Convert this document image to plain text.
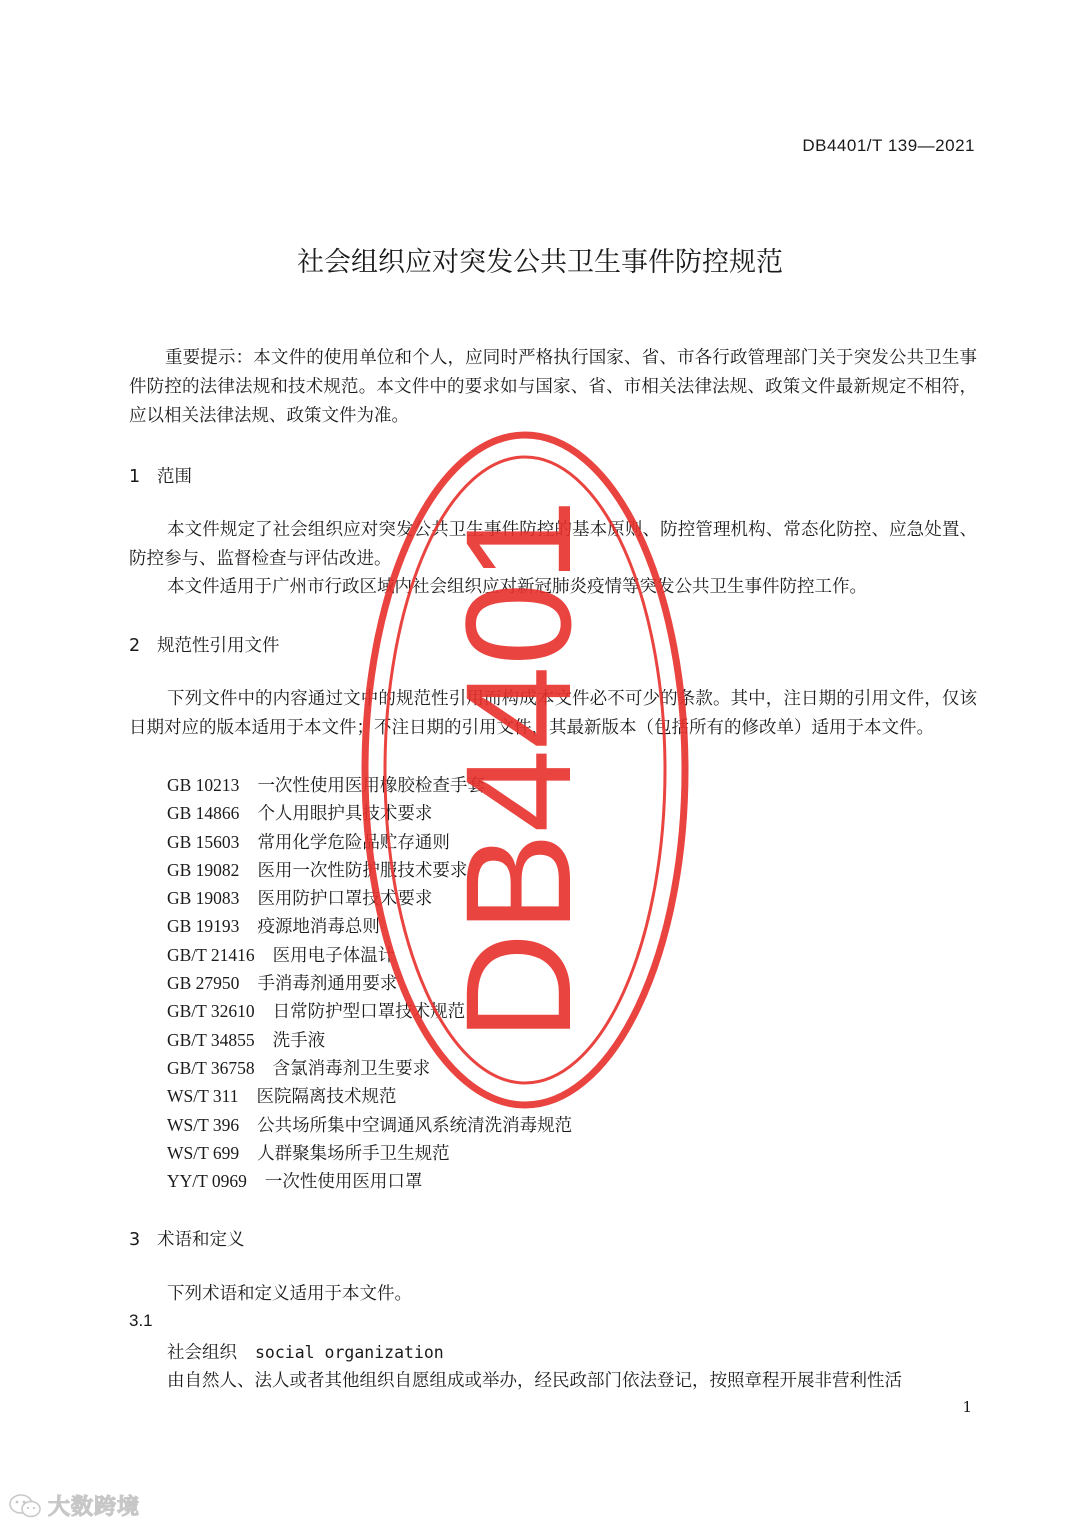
DB4401/T 139—2021
社会组织应对突发公共卫生事件防控规范

重要提示：本文件的使用单位和个人，应同时严格执行国家、省、市各行政管理部门关于突发公共卫生事件防控的法律法规和技术规范。本文件中的要求如与国家、省、市相关法律法规、政策文件最新规定不相符，应以相关法律法规、政策文件为准。

1 范围

本文件规定了社会组织应对突发公共卫生事件防控的基本原则、防控管理机构、常态化防控、应急处置、防控参与、监督检查与评估改进。

本文件适用于广州市行政区域内社会组织应对新冠肺炎疫情等突发公共卫生事件防控工作。

2 规范性引用文件

下列文件中的内容通过文中的规范性引用而构成本文件必不可少的条款。其中，注日期的引用文件，仅该日期对应的版本适用于本文件；不注日期的引用文件，其最新版本（包括所有的修改单）适用于本文件。

GB 10213 一次性使用医用橡胶检查手套
GB 14866 个人用眼护具技术要求
GB 15603 常用化学危险品贮存通则
GB 19082 医用一次性防护服技术要求
GB 19083 医用防护口罩技术要求
GB 19193 疫源地消毒总则
GB/T 21416 医用电子体温计
GB 27950 手消毒剂通用要求
GB/T 32610 日常防护型口罩技术规范
GB/T 34855 洗手液
GB/T 36758 含氯消毒剂卫生要求
WS/T 311 医院隔离技术规范
WS/T 396 公共场所集中空调通风系统清洗消毒规范
WS/T 699 人群聚集场所手卫生规范
YY/T 0969 一次性使用医用口罩

3 术语和定义

下列术语和定义适用于本文件。

3.1
社会组织 social organization
由自然人、法人或者其他组织自愿组成或举办，经民政部门依法登记，按照章程开展非营利性活
1
DB4401
大数跨境
